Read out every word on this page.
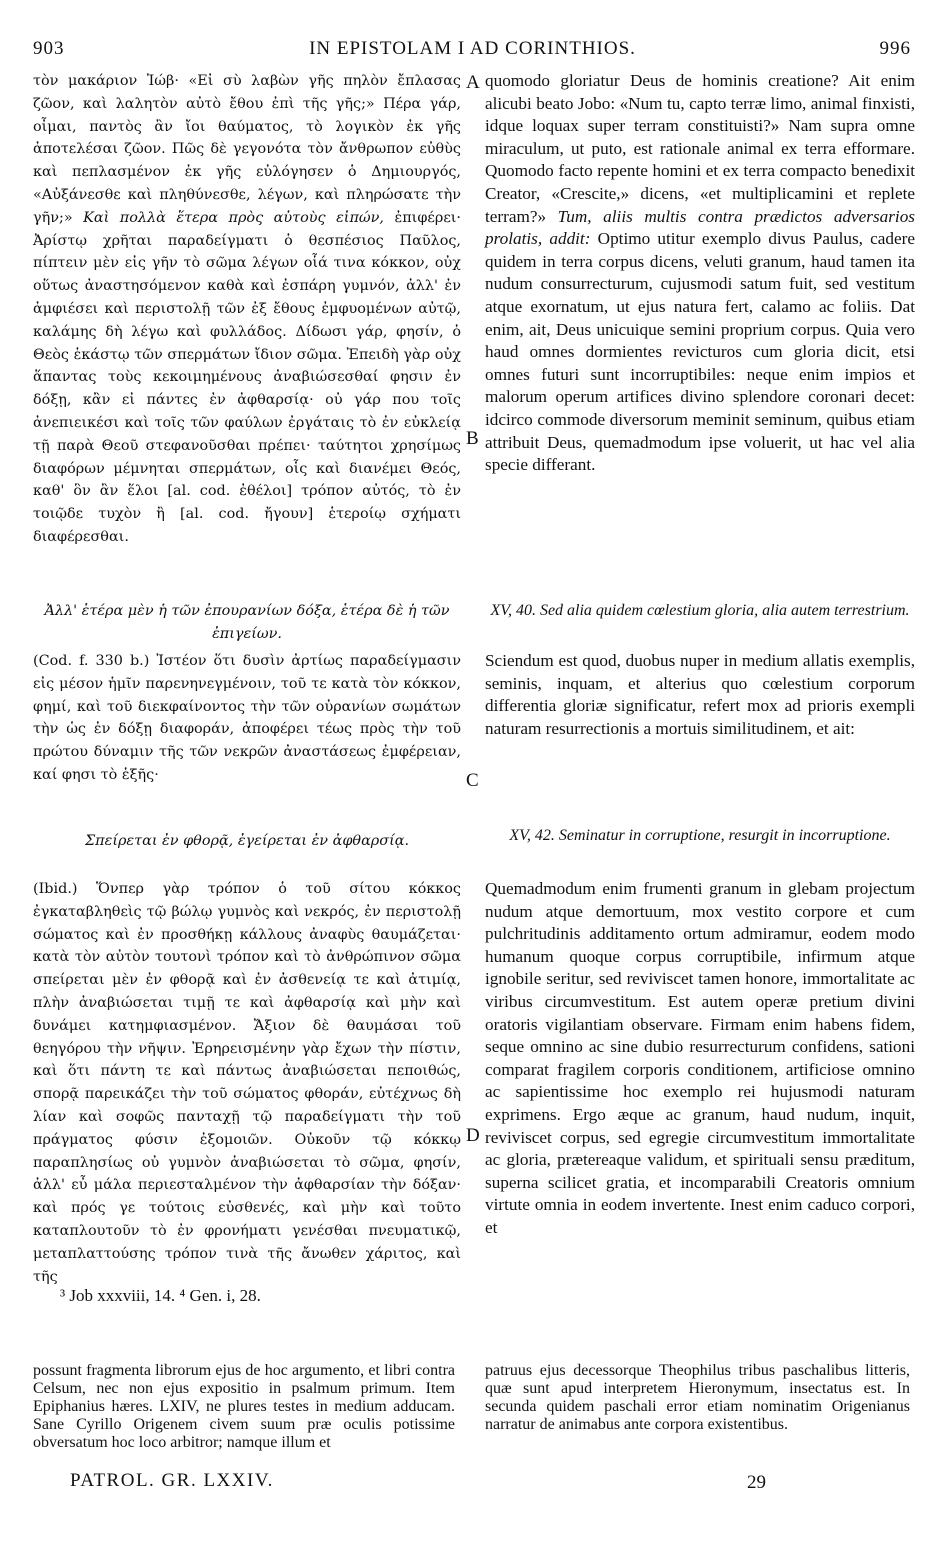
903	IN EPISTOLAM I AD CORINTHIOS.	996

τὸν μακάριον Ἰώβ· «Εἰ σὺ λαβὼν γῆς πηλὸν ἔπλασας ζῶον, καὶ λαλητὸν αὐτὸ ἔθου ἐπὶ τῆς γῆς;» Πέρα γάρ, οἶμαι, παντὸς ἂν ἴοι θαύματος, τὸ λογικὸν ἐκ γῆς ἀποτελέσαι ζῶον. Πῶς δὲ γεγονότα τὸν ἄνθρωπον εὐθὺς καὶ πεπλασμένον ἐκ γῆς εὐλόγησεν ὁ Δημιουργός, «Αὐξάνεσθε καὶ πληθύνεσθε, λέγων, καὶ πληρώσατε τὴν γῆν;» Καὶ πολλὰ ἕτερα πρὸς αὐτοὺς εἰπών, ἐπιφέρει· Ἀρίστῳ χρῆται παραδείγματι ὁ θεσπέσιος Παῦλος, πίπτειν μὲν εἰς γῆν τὸ σῶμα λέγων οἷά τινα κόκκον, οὐχ οὕτως ἀναστησόμενον καθὰ καὶ ἐσπάρη γυμνόν, ἀλλ' ἐν ἀμφιέσει καὶ περιστολῇ τῶν ἐξ ἔθους ἐμφυομένων αὐτῷ, καλάμης δὴ λέγω καὶ φυλλάδος. Δίδωσι γάρ, φησίν, ὁ Θεὸς ἑκάστῳ τῶν σπερμάτων ἴδιον σῶμα. Ἐπειδὴ γὰρ οὐχ ἅπαντας τοὺς κεκοιμημένους ἀναβιώσεσθαί φησιν ἐν δόξῃ, κἂν εἰ πάντες ἐν ἀφθαρσίᾳ· οὐ γάρ που τοῖς ἀνεπιεικέσι καὶ τοῖς τῶν φαύλων ἐργάταις τὸ ἐν εὐκλείᾳ τῇ παρὰ Θεοῦ στεφανοῦσθαι πρέπει· ταύτητοι χρησίμως διαφόρων μέμνηται σπερμάτων, οἷς καὶ διανέμει Θεός, καθ' ὃν ἂν ἕλοι [al. cod. ἐθέλοι] τρόπον αὐτός, τὸ ἐν τοιῷδε τυχὸν ἢ [al. cod. ἤγουν] ἑτεροίῳ σχήματι διαφέρεσθαι.

Ἀλλ' ἑτέρα μὲν ἡ τῶν ἐπουρανίων δόξα, ἑτέρα δὲ ἡ τῶν ἐπιγείων.

(Cod. f. 330 b.) Ἰστέον ὅτι δυσὶν ἀρτίως παραδείγμασιν εἰς μέσον ἡμῖν παρενηνεγμένοιν, τοῦ τε κατὰ τὸν κόκκον, φημί, καὶ τοῦ διεκφαίνοντος τὴν τῶν οὐρανίων σωμάτων τὴν ὡς ἐν δόξῃ διαφοράν, ἀποφέρει τέως πρὸς τὴν τοῦ πρώτου δύναμιν τῆς τῶν νεκρῶν ἀναστάσεως ἐμφέρειαν, καί φησι τὸ ἑξῆς·

Σπείρεται ἐν φθορᾷ, ἐγείρεται ἐν ἀφθαρσίᾳ.

(Ibid.) Ὅνπερ γὰρ τρόπον ὁ τοῦ σίτου κόκκος ἐγκαταβληθεὶς τῷ βώλῳ γυμνὸς καὶ νεκρός, ἐν περιστολῇ σώματος καὶ ἐν προσθήκῃ κάλλους ἀναφὺς θαυμάζεται· κατὰ τὸν αὐτὸν τουτονὶ τρόπον καὶ τὸ ἀνθρώπινον σῶμα σπείρεται μὲν ἐν φθορᾷ καὶ ἐν ἀσθενείᾳ τε καὶ ἀτιμίᾳ, πλὴν ἀναβιώσεται τιμῇ τε καὶ ἀφθαρσίᾳ καὶ μὴν καὶ δυνάμει κατημφιασμένον. Ἄξιον δὲ θαυμάσαι τοῦ θεηγόρου τὴν νῆψιν. Ἐρηρεισμένην γὰρ ἔχων τὴν πίστιν, καὶ ὅτι πάντη τε καὶ πάντως ἀναβιώσεται πεποιθώς, σπορᾷ παρεικάζει τὴν τοῦ σώματος φθοράν, εὐτέχνως δὴ λίαν καὶ σοφῶς πανταχῇ τῷ παραδείγματι τὴν τοῦ πράγματος φύσιν ἐξομοιῶν. Οὐκοῦν τῷ κόκκῳ παραπλησίως οὐ γυμνὸν ἀναβιώσεται τὸ σῶμα, φησίν, ἀλλ' εὖ μάλα περιεσταλμένον τὴν ἀφθαρσίαν τὴν δόξαν· καὶ πρός γε τούτοις εὐσθενές, καὶ μὴν καὶ τοῦτο καταπλουτοῦν τὸ ἐν φρονήματι γενέσθαι πνευματικῷ, μεταπλαττούσης τρόπον τινὰ τῆς ἄνωθεν χάριτος, καὶ τῆς

quomodo gloriatur Deus de hominis creatione? Ait enim alicubi beato Jobo: «Num tu, capto terræ limo, animal finxisti, idque loquax super terram constituisti?» Nam supra omne miraculum, ut puto, est rationale animal ex terra efformare. Quomodo facto repente homini et ex terra compacto benedixit Creator, «Crescite,» dicens, «et multiplicamini et replete terram?» Tum, aliis multis contra prædictos adversarios prolatis, addit: Optimo utitur exemplo divus Paulus, cadere quidem in terra corpus dicens, veluti granum, haud tamen ita nudum consurrecturum, cujusmodi satum fuit, sed vestitum atque exornatum, ut ejus natura fert, calamo ac foliis. Dat enim, ait, Deus unicuique semini proprium corpus. Quia vero haud omnes dormientes revicturos cum gloria dicit, etsi omnes futuri sunt incorruptibiles: neque enim impios et malorum operum artifices divino splendore coronari decet: idcirco commode diversorum meminit seminum, quibus etiam attribuit Deus, quemadmodum ipse voluerit, ut hac vel alia specie differant.

XV, 40. Sed alia quidem cœlestium gloria, alia autem terrestrium.

Sciendum est quod, duobus nuper in medium allatis exemplis, seminis, inquam, et alterius quo cœlestium corporum differentia gloriæ significatur, refert mox ad prioris exempli naturam resurrectionis a mortuis similitudinem, et ait:

XV, 42. Seminatur in corruptione, resurgit in incorruptione.

Quemadmodum enim frumenti granum in glebam projectum nudum atque demortuum, mox vestito corpore et cum pulchritudinis additamento ortum admiramur, eodem modo humanum quoque corpus corruptibile, infirmum atque ignobile seritur, sed reviviscet tamen honore, immortalitate ac viribus circumvestitum. Est autem operæ pretium divini oratoris vigilantiam observare. Firmam enim habens fidem, seque omnino ac sine dubio resurrecturum confidens, sationi comparat fragilem corporis conditionem, artificiose omnino ac sapientissime hoc exemplo rei hujusmodi naturam exprimens. Ergo æque ac granum, haud nudum, inquit, reviviscet corpus, sed egregie circumvestitum immortalitate ac gloria, prætereaque validum, et spirituali sensu præditum, superna scilicet gratia, et incomparabili Creatoris omnium virtute omnia in eodem invertente. Inest enim caduco corpori, et

A
B
C
D
³ Job xxxviii, 14. ⁴ Gen. i, 28.
possunt fragmenta librorum ejus de hoc argumento, et libri contra Celsum, nec non ejus expositio in psalmum primum. Item Epiphanius hæres. LXIV, ne plures testes in medium adducam. Sane Cyrillo Origenem civem suum præ oculis potissime obversatum hoc loco arbitror; namque illum et
patruus ejus decessorque Theophilus tribus paschalibus litteris, quæ sunt apud interpretem Hieronymum, insectatus est. In secunda quidem paschali error etiam nominatim Origenianus narratur de animabus ante corpora existentibus.
PATROL. GR. LXXIV.	29
